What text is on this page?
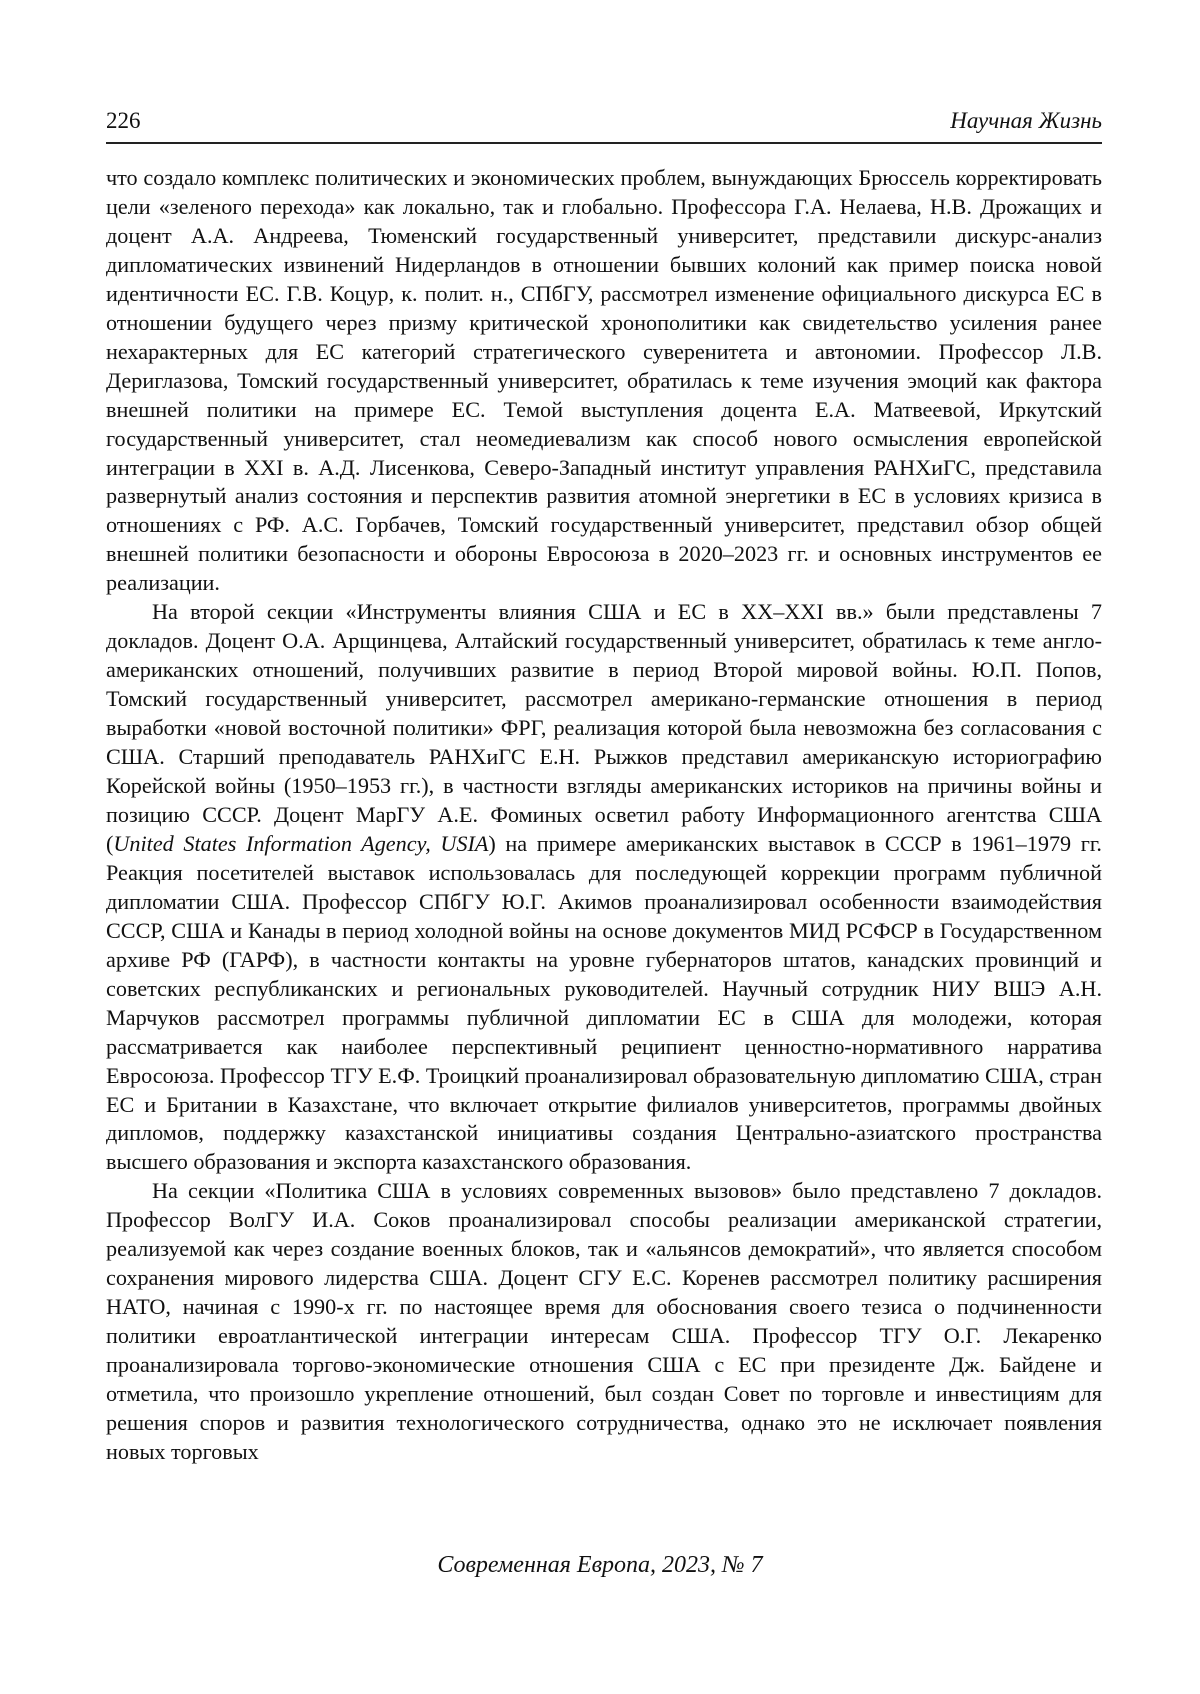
226	Научная Жизнь

что создало комплекс политических и экономических проблем, вынуждающих Брюссель корректировать цели «зеленого перехода» как локально, так и глобально. Профессора Г.А. Нелаева, Н.В. Дрожащих и доцент А.А. Андреева, Тюменский государственный университет, представили дискурс-анализ дипломатических извинений Нидерландов в отношении бывших колоний как пример поиска новой идентичности ЕС. Г.В. Коцур, к. полит. н., СПбГУ, рассмотрел изменение официального дискурса ЕС в отношении будущего через призму критической хронополитики как свидетельство усиления ранее нехарактерных для ЕС категорий стратегического суверенитета и автономии. Профессор Л.В. Дериглазова, Томский государственный университет, обратилась к теме изучения эмоций как фактора внешней политики на примере ЕС. Темой выступления доцента Е.А. Матвеевой, Иркутский государственный университет, стал неомедиевализм как способ нового осмысления европейской интеграции в XXI в. А.Д. Лисенкова, Северо-Западный институт управления РАНХиГС, представила развернутый анализ состояния и перспектив развития атомной энергетики в ЕС в условиях кризиса в отношениях с РФ. А.С. Горбачев, Томский государственный университет, представил обзор общей внешней политики безопасности и обороны Евросоюза в 2020–2023 гг. и основных инструментов ее реализации.

На второй секции «Инструменты влияния США и ЕС в XX–XXI вв.» были представлены 7 докладов. Доцент О.А. Арщинцева, Алтайский государственный университет, обратилась к теме англо-американских отношений, получивших развитие в период Второй мировой войны. Ю.П. Попов, Томский государственный университет, рассмотрел американо-германские отношения в период выработки «новой восточной политики» ФРГ, реализация которой была невозможна без согласования с США. Старший преподаватель РАНХиГС Е.Н. Рыжков представил американскую историографию Корейской войны (1950–1953 гг.), в частности взгляды американских историков на причины войны и позицию СССР. Доцент МарГУ А.Е. Фоминых осветил работу Информационного агентства США (United States Information Agency, USIA) на примере американских выставок в СССР в 1961–1979 гг. Реакция посетителей выставок использовалась для последующей коррекции программ публичной дипломатии США. Профессор СПбГУ Ю.Г. Акимов проанализировал особенности взаимодействия СССР, США и Канады в период холодной войны на основе документов МИД РСФСР в Государственном архиве РФ (ГАРФ), в частности контакты на уровне губернаторов штатов, канадских провинций и советских республиканских и региональных руководителей. Научный сотрудник НИУ ВШЭ А.Н. Марчуков рассмотрел программы публичной дипломатии ЕС в США для молодежи, которая рассматривается как наиболее перспективный реципиент ценностно-нормативного нарратива Евросоюза. Профессор ТГУ Е.Ф. Троицкий проанализировал образовательную дипломатию США, стран ЕС и Британии в Казахстане, что включает открытие филиалов университетов, программы двойных дипломов, поддержку казахстанской инициативы создания Центрально-азиатского пространства высшего образования и экспорта казахстанского образования.

На секции «Политика США в условиях современных вызовов» было представлено 7 докладов. Профессор ВолГУ И.А. Соков проанализировал способы реализации американской стратегии, реализуемой как через создание военных блоков, так и «альянсов демократий», что является способом сохранения мирового лидерства США. Доцент СГУ Е.С. Коренев рассмотрел политику расширения НАТО, начиная с 1990-х гг. по настоящее время для обоснования своего тезиса о подчиненности политики евроатлантической интеграции интересам США. Профессор ТГУ О.Г. Лекаренко проанализировала торгово-экономические отношения США с ЕС при президенте Дж. Байдене и отметила, что произошло укрепление отношений, был создан Совет по торговле и инвестициям для решения споров и развития технологического сотрудничества, однако это не исключает появления новых торговых

Современная Европа, 2023, № 7
